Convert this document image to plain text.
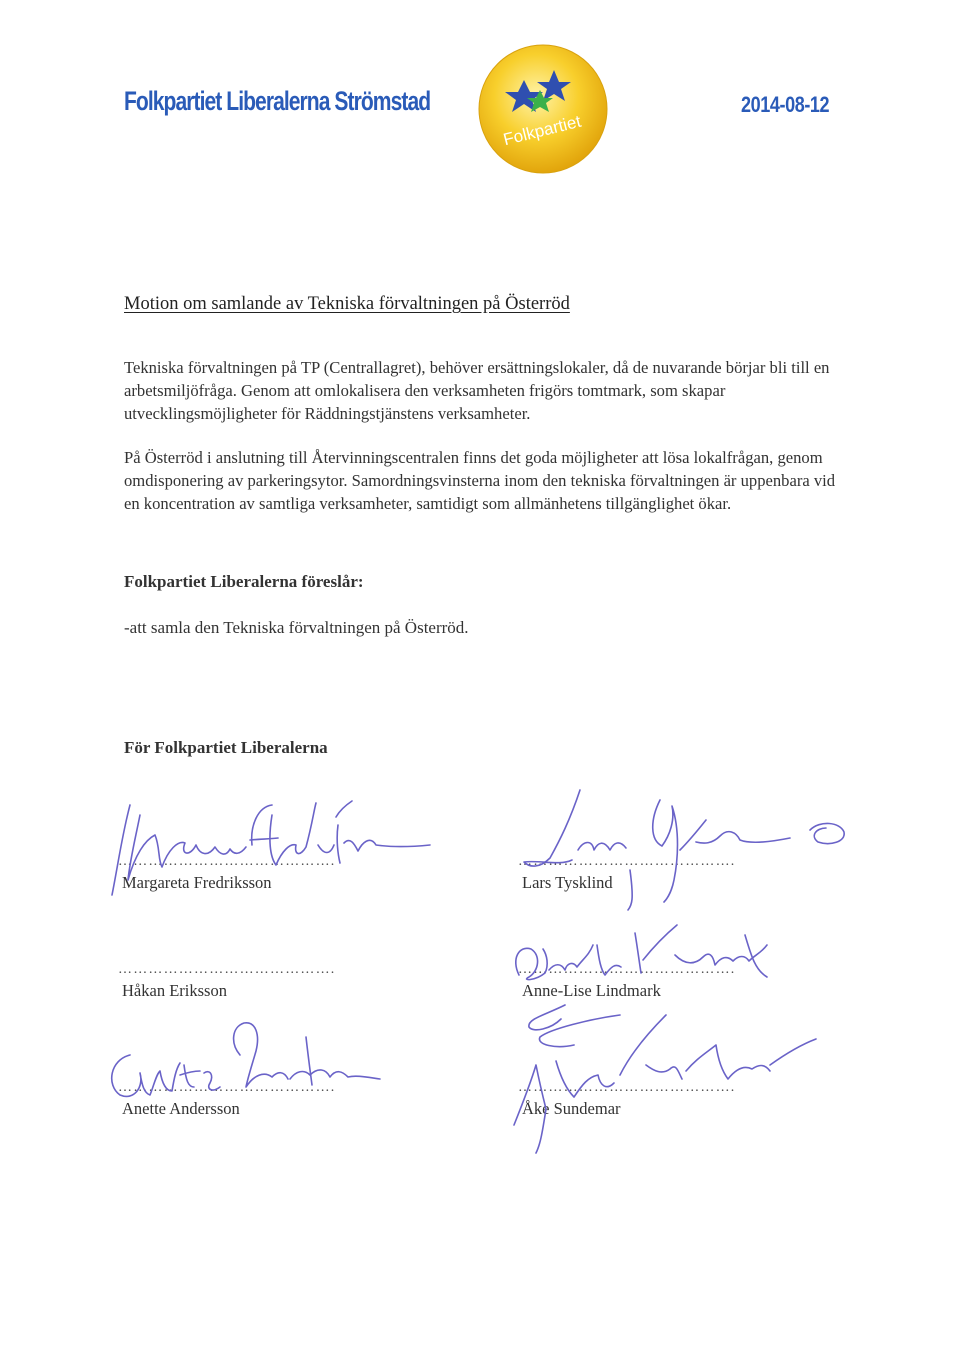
Folkpartiet Liberalerna Strömstad
Folkpartiet
2014-08-12
Motion om samlande av Tekniska förvaltningen på Österröd
Tekniska förvaltningen på TP (Centrallagret), behöver ersättningslokaler, då de nuvarande börjar bli till en arbetsmiljöfråga. Genom att omlokalisera den verksamheten frigörs tomtmark, som skapar utvecklingsmöjligheter för Räddningstjänstens verksamheter.
På Österröd i anslutning till Återvinningscentralen finns det goda möjligheter att lösa lokalfrågan, genom omdisponering av parkeringsytor. Samordningsvinsterna inom den tekniska förvaltningen är uppenbara vid en koncentration av samtliga verksamheter, samtidigt som allmänhetens tillgänglighet ökar.
Folkpartiet Liberalerna föreslår:
-att samla den Tekniska förvaltningen på Österröd.
För Folkpartiet Liberalerna
…………………………………….
Margareta Fredriksson
…………………………………….
Lars Tysklind
…………………………………….
Håkan Eriksson
…………………………………….
Anne-Lise Lindmark
…………………………………….
Anette Andersson
…………………………………….
Åke Sundemar
